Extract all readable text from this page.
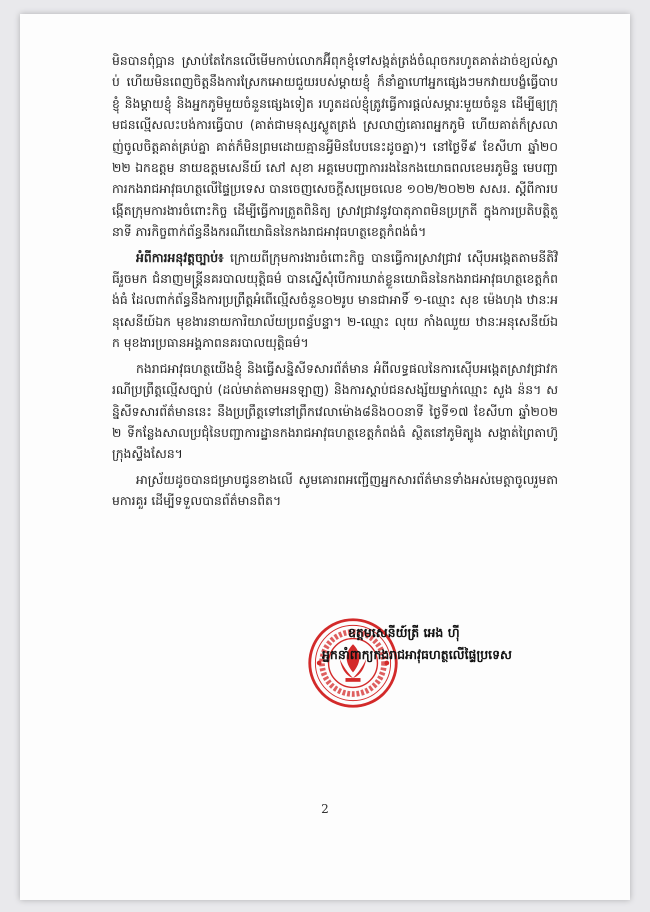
មិនបានពុំប្អាន ស្រាប់តែកែនលើមើមកាប់លោកអ៊ីពុកខ្ញុំទៅសង្កត់ត្រង់ចំណុចករហូតគាត់ដាច់ខ្យល់ស្លាប់ ហើយមិនពេញចិត្តនឹងការស្រែកអោយជួយរបស់ម្ដាយខ្ញុំ ក៏នាំគ្នាហៅអ្នកផ្សេងៗមកវាយបង្ខំធ្វើបាបខ្ញុំ និងម្ដាយខ្ញុំ និងអ្នកភូមិមួយចំនួនផ្សេងទៀត រហូតដល់ខ្ញុំត្រូវធ្វើការផ្ដល់សម្ភារៈមួយចំនួន ដើម្បីឲ្យក្រុមជនល្មើសលះបង់ការធ្វើបាប (គាត់ជាមនុស្សស្លូតត្រង់ ស្រលាញ់គោរពអ្នកភូមិ ហើយគាត់ក៏ស្រលាញ់ចូលចិត្តគាត់គ្រប់គ្នា គាត់ក៏មិនព្រមដោយគ្មានអ្វីមិនបែបនេះដូចគ្នា)។ នៅថ្ងៃទី៩ ខែសីហា ឆ្នាំ២០២២ ឯកឧត្តម នាយឧត្តមសេនីយ៍ សៅ សុខា អគ្គមេបញ្ជាការរងនៃកងយោធពលខេមរភូមិន្ទ មេបញ្ជាការកងរាជអាវុធហត្ថលើផ្ទៃប្រទេស បានចេញសេចក្ដីសម្រេចលេខ ១០២/២០២២ សសរ. ស្ដីពីការបង្កើតក្រុមការងារចំពោះកិច្ច ដើម្បីធ្វើការត្រួតពិនិត្យ ស្រាវជ្រាវនូវបាតុភាពមិនប្រក្រតី ក្នុងការប្រតិបត្តិតួនាទី ភារកិច្ចពាក់ព័ន្ធនឹងករណីយោធិននៃកងរាជអាវុធហត្ថខេត្តកំពង់ធំ។

អំពីការអនុវត្តច្បាប់៖ ក្រោយពីក្រុមការងារចំពោះកិច្ច បានធ្វើការស្រាវជ្រាវ ស៊ើបអង្កេតតាមនីតិវិធីរួចមក ជំនាញមន្ត្រីនគរបាលយុត្តិធម៌ បានស្នើសុំបើការឃាត់ខ្លួនយោធិននៃកងរាជអាវុធហត្ថខេត្តកំពង់ធំ ដែលពាក់ព័ន្ធនឹងការប្រព្រឹត្តអំពើល្មើសចំនួន០២រូប មានជាអាទិ៍ ១-ឈ្មោះ សុខ ម៉េងហុង ឋានៈអនុសេនីយ៍ឯក មុខងារនាយការិយាល័យប្រពន្ធ័បន្ទា។ ២-ឈ្មោះ លុយ កាំងឈួយ ឋានៈអនុសេនីយ៍ឯក មុខងារប្រធានអង្គភាពនគរបាលយុត្តិធម៌។

កងរាជអាវុធហត្ថយើងខ្ញុំ និងធ្វើសន្និសីទសារព័ត៌មាន អំពីលទ្ធផលនៃការស៊ើបអង្កេតស្រាវជ្រាវករណីប្រព្រឹត្តល្មើសច្បាប់ (ដល់មាត់តាមអនឡាញ) និងការស្ដាប់ជនសង្ស័យម្នាក់ឈ្មោះ សួង ន៉ន។ សន្និសីទសារព័ត៌មាននេះ នឹងប្រព្រឹត្តទៅនៅព្រឹកវេលាម៉ោង៨និង០០នាទី ថ្ងៃទី១៧ ខែសីហា ឆ្នាំ២០២២ ទីកន្លែងសាលប្រជុំនៃបញ្ជាការដ្ឋានកងរាជអាវុធហត្ថខេត្តកំពង់ធំ ស្ថិតនៅភូមិត្បូង សង្កាត់ព្រៃតាហ៊ូ ក្រុងស្ទឹងសែន។

អាស្រ័យដូចបានជម្រាបជូនខាងលើ សូមគោរពអញ្ជើញអ្នកសារព័ត៌មានទាំងអស់មេត្តាចូលរួមតាមការគួរ ដើម្បីទទួលបានព័ត៌មានពិត។

ឧត្តមសេនីយ៍ត្រី អេង ហ៊ី
អ្នកនាំពាក្យកងរាជអាវុធហត្ថលើផ្ទៃប្រទេស
2
